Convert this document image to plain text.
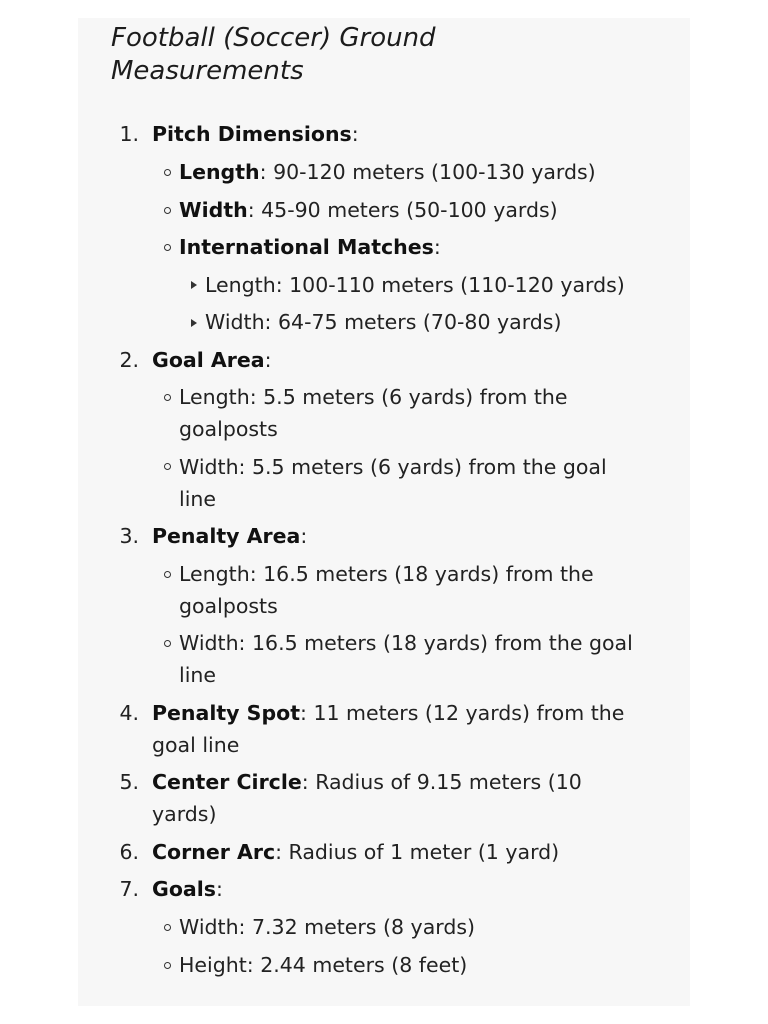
Football (Soccer) Ground Measurements
1. Pitch Dimensions:
Length: 90-120 meters (100-130 yards)
Width: 45-90 meters (50-100 yards)
International Matches:
Length: 100-110 meters (110-120 yards)
Width: 64-75 meters (70-80 yards)
2. Goal Area:
Length: 5.5 meters (6 yards) from the
goalposts
Width: 5.5 meters (6 yards) from the goal
line
3. Penalty Area:
Length: 16.5 meters (18 yards) from the
goalposts
Width: 16.5 meters (18 yards) from the goal
line
4. Penalty Spot: 11 meters (12 yards) from the
goal line
5. Center Circle: Radius of 9.15 meters (10
yards)
6. Corner Arc: Radius of 1 meter (1 yard)
7. Goals:
Width: 7.32 meters (8 yards)
Height: 2.44 meters (8 feet)
